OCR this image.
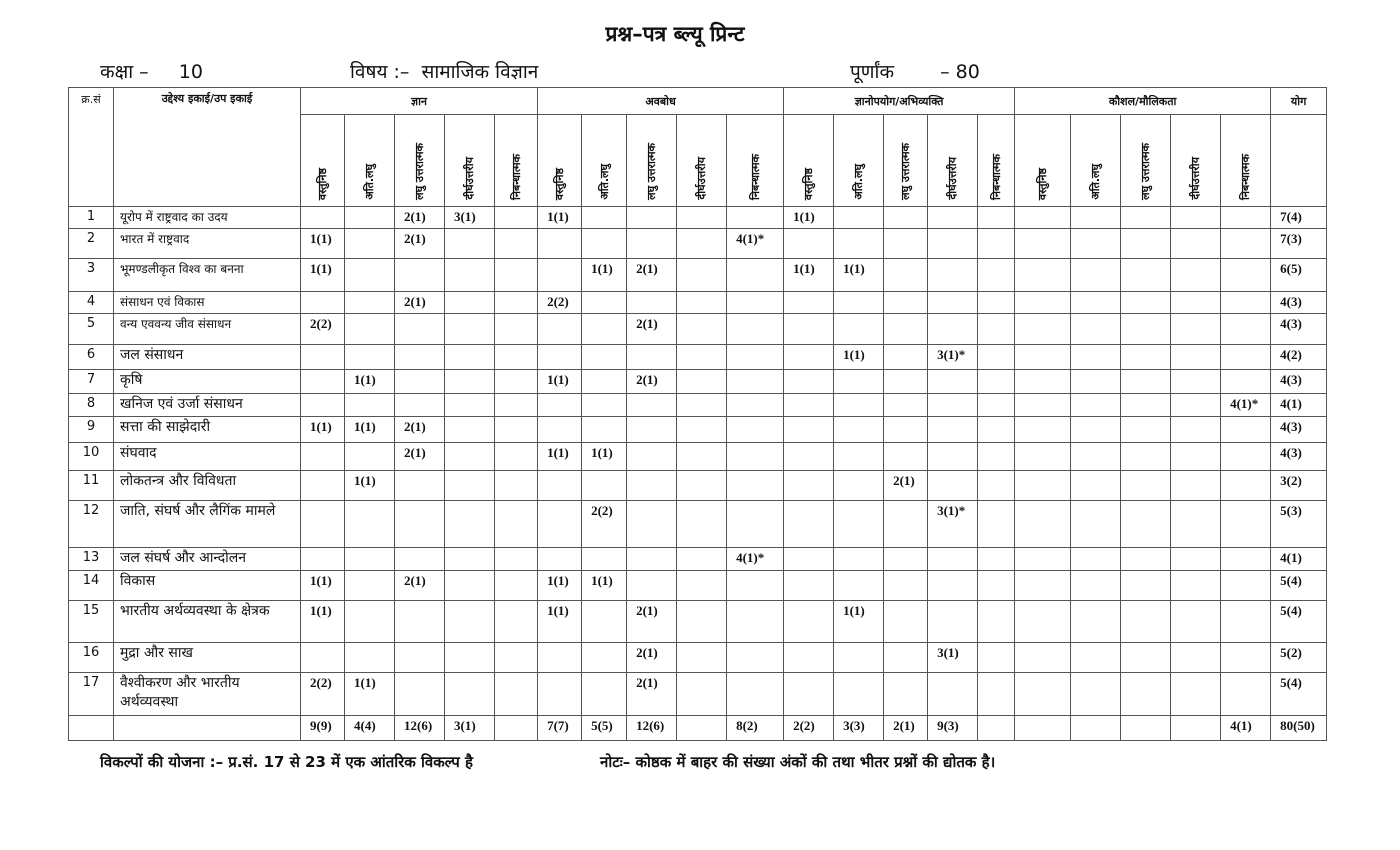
प्रश्न–पत्र ब्ल्यू प्रिन्ट
कक्षा – 10	विषय :– सामाजिक विज्ञान	पूर्णांक – 80
क्र.सं	उद्देश्य इकाई/उप इकाई	ज्ञान					अवबोध					ज्ञानोपयोग/अभिव्यक्ति					कौशल/मौलिकता					योग
		वस्तुनिष्ठ	अति.लघु	लघु उत्तरात्मक	दीर्घउत्तरीय	निबन्धात्मक	वस्तुनिष्ठ	अति.लघु	लघु उत्तरात्मक	दीर्घउत्तरीय	निबन्धात्मक	वस्तुनिष्ठ	अति.लघु	लघु उत्तरात्मक	दीर्घउत्तरीय	निबन्धात्मक	वस्तुनिष्ठ	अति.लघु	लघु उत्तरात्मक	दीर्घउत्तरीय	निबन्धात्मक	
1	यूरोप में राष्ट्रवाद का उदय			2(1)	3(1)		1(1)					1(1)										7(4)
2	भारत में राष्ट्रवाद	1(1)		2(1)							4(1)*											7(3)
3	भूमण्डलीकृत विश्व का बनना	1(1)						1(1)	2(1)			1(1)	1(1)									6(5)
4	संसाधन एवं विकास			2(1)			2(2)															4(3)
5	वन्य एववन्य जीव संसाधन	2(2)							2(1)													4(3)
6	जल संसाधन												1(1)		3(1)*							4(2)
7	कृषि		1(1)				1(1)		2(1)													4(3)
8	खनिज एवं उर्जा संसाधन																				4(1)*	4(1)
9	सत्ता की साझेदारी	1(1)	1(1)	2(1)																		4(3)
10	संघवाद			2(1)			1(1)	1(1)														4(3)
11	लोकतन्त्र और विविधता		1(1)											2(1)								3(2)
12	जाति, संघर्ष और लैगिंक मामले							2(2)							3(1)*							5(3)
13	जल संघर्ष और आन्दोलन										4(1)*											4(1)
14	विकास	1(1)		2(1)			1(1)	1(1)														5(4)
15	भारतीय अर्थव्यवस्था के क्षेत्रक	1(1)					1(1)		2(1)				1(1)									5(4)
16	मुद्रा और साख								2(1)						3(1)							5(2)
17	वैश्वीकरण और भारतीय अर्थव्यवस्था	2(2)	1(1)						2(1)													5(4)
		9(9)	4(4)	12(6)	3(1)		7(7)	5(5)	12(6)		8(2)	2(2)	3(3)	2(1)	9(3)						4(1)	80(50)
विकल्पों की योजना :– प्र.सं. 17 से 23 में एक आंतरिक विकल्प है	नोटः– कोष्ठक में बाहर की संख्या अंकों की तथा भीतर प्रश्नों की द्योतक है।
